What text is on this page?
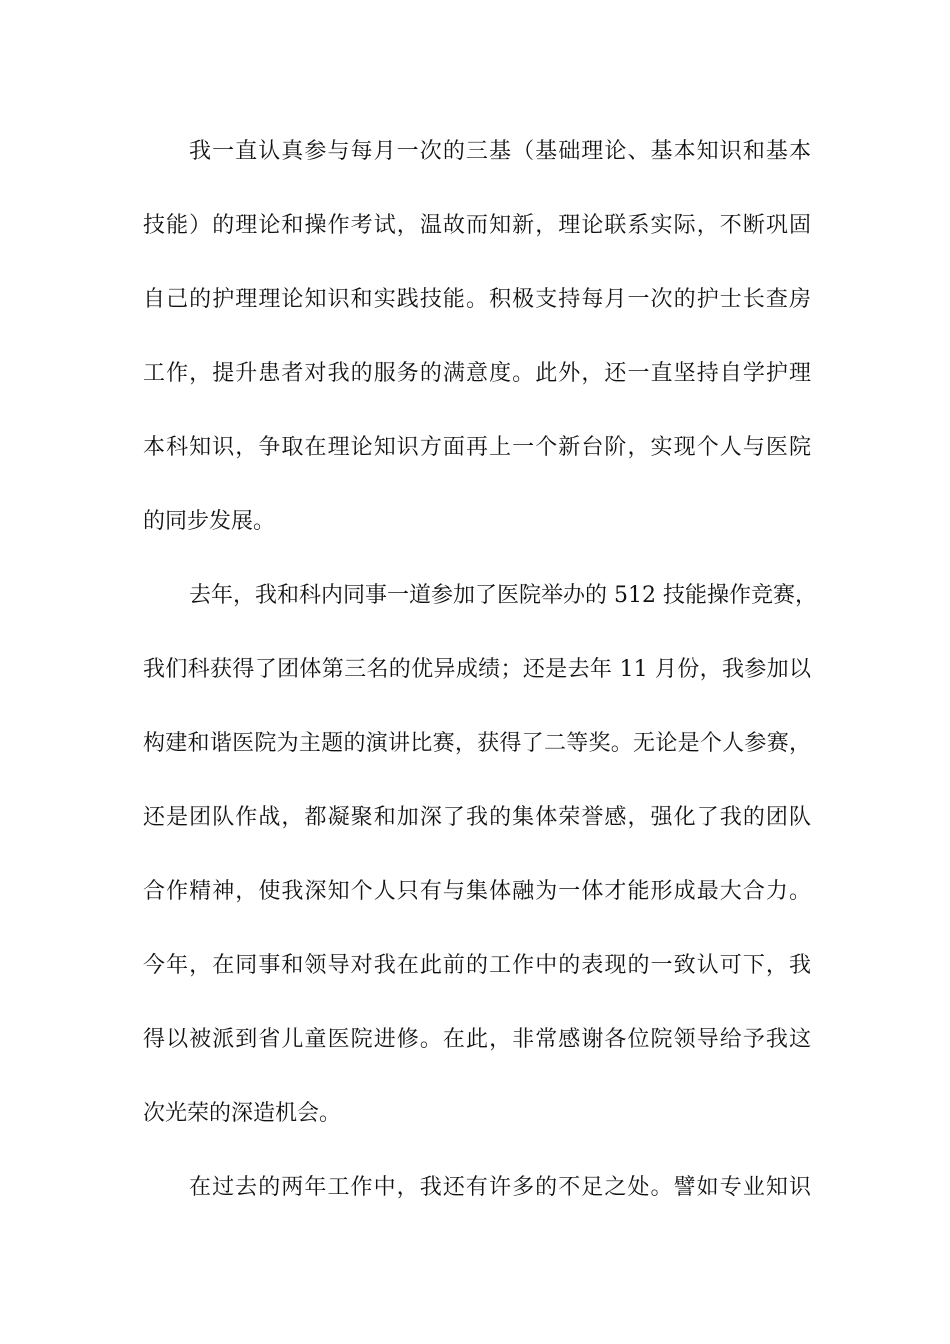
我一直认真参与每月一次的三基（基础理论、基本知识和基本
技能）的理论和操作考试，温故而知新，理论联系实际，不断巩固
自己的护理理论知识和实践技能。积极支持每月一次的护士长查房
工作，提升患者对我的服务的满意度。此外，还一直坚持自学护理
本科知识，争取在理论知识方面再上一个新台阶，实现个人与医院
的同步发展。
去年，我和科内同事一道参加了医院举办的 512 技能操作竞赛，
我们科获得了团体第三名的优异成绩；还是去年 11 月份，我参加以
构建和谐医院为主题的演讲比赛，获得了二等奖。无论是个人参赛，
还是团队作战，都凝聚和加深了我的集体荣誉感，强化了我的团队
合作精神，使我深知个人只有与集体融为一体才能形成最大合力。
今年，在同事和领导对我在此前的工作中的表现的一致认可下，我
得以被派到省儿童医院进修。在此，非常感谢各位院领导给予我这
次光荣的深造机会。
在过去的两年工作中，我还有许多的不足之处。譬如专业知识
